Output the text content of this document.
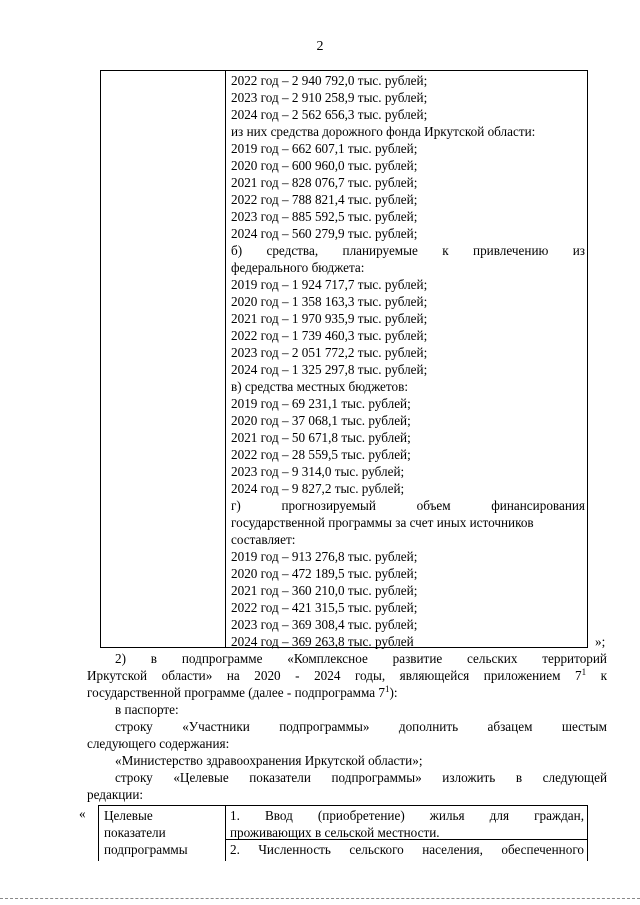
2
2022 год – 2 940 792,0 тыс. рублей;
2023 год – 2 910 258,9 тыс. рублей;
2024 год – 2 562 656,3 тыс. рублей;
из них средства дорожного фонда Иркутской области:
2019 год – 662 607,1 тыс. рублей;
2020 год – 600 960,0 тыс. рублей;
2021 год – 828 076,7 тыс. рублей;
2022 год – 788 821,4 тыс. рублей;
2023 год – 885 592,5 тыс. рублей;
2024 год – 560 279,9 тыс. рублей;
б) средства, планируемые к привлечению из
федерального бюджета:
2019 год – 1 924 717,7 тыс. рублей;
2020 год – 1 358 163,3 тыс. рублей;
2021 год – 1 970 935,9 тыс. рублей;
2022 год – 1 739 460,3 тыс. рублей;
2023 год – 2 051 772,2 тыс. рублей;
2024 год – 1 325 297,8 тыс. рублей;
в) средства местных бюджетов:
2019 год – 69 231,1 тыс. рублей;
2020 год – 37 068,1 тыс. рублей;
2021 год – 50 671,8 тыс. рублей;
2022 год – 28 559,5 тыс. рублей;
2023 год – 9 314,0 тыс. рублей;
2024 год – 9 827,2 тыс. рублей;
г) прогнозируемый объем финансирования
государственной программы за счет иных источников
составляет:
2019 год – 913 276,8 тыс. рублей;
2020 год – 472 189,5 тыс. рублей;
2021 год – 360 210,0 тыс. рублей;
2022 год – 421 315,5 тыс. рублей;
2023 год – 369 308,4 тыс. рублей;
2024 год – 369 263,8 тыс. рублей	»;

2) в подпрограмме «Комплексное развитие сельских территорий

Иркутской области» на 2020 - 2024 годы, являющейся приложением $7^1$ к

государственной программе (далее - подпрограмма $7^1$):

в паспорте:

строку «Участники подпрограммы» дополнить абзацем шестым

следующего содержания:

«Министерство здравоохранения Иркутской области»;

строку «Целевые показатели подпрограммы» изложить в следующей

редакции:

« Целевые
показатели
подпрограммы
1. Ввод (приобретение) жилья для граждан,
проживающих в сельской местности.
2. Численность сельского населения, обеспеченного
